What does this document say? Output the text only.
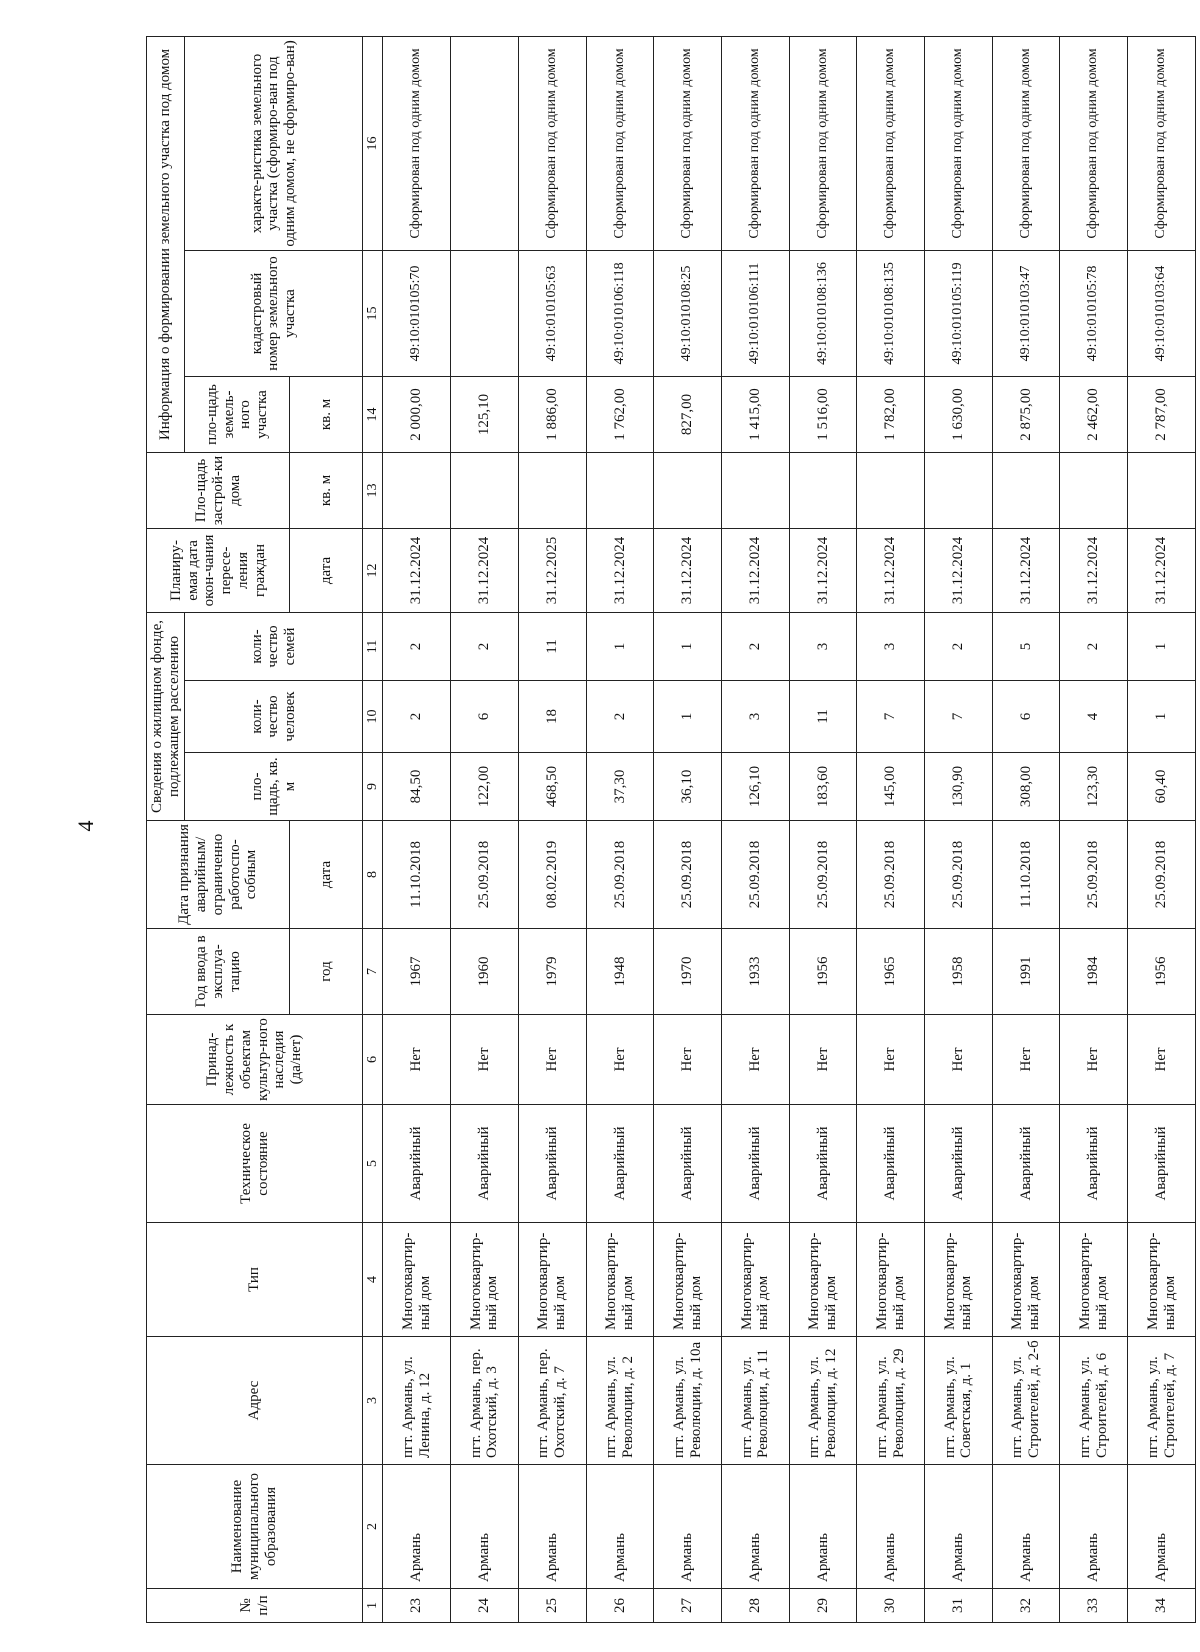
4
№ п/п	Наименование муниципального образования	Адрес	Тип	Техническое состояние	Принад-лежность к объектам культур-ного наследия (да/нет)	Год ввода в эксплуа-тацию	Дата признания аварийным/ ограниченно работоспо-собным	Сведения о жилищном фонде, подлежащем расселению			Планиру-емая дата окон-чания пересе-ления граждан	Пло-щадь застрой-ки дома	Информация о формировании земельного участка под домом		
								пло-щадь, кв. м	коли-чество человек	коли-чество семей			пло-щадь земель-ного участка	кадастровый номер земельного участка	характе-ристика земельного участка (сформиро-ван под одним домом, не сформиро-ван)
						год	дата				дата	кв. м	кв. м		
1	2	3	4	5	6	7	8	9	10	11	12	13	14	15	16
23	Армань	пгт. Армань, ул. Ленина, д. 12	Многоквартир-ный дом	Аварийный	Нет	1967	11.10.2018	84,50	2	2	31.12.2024		2 000,00	49:10:010105:70	Сформирован под одним домом
24	Армань	пгт. Армань, пер. Охотский, д. 3	Многоквартир-ный дом	Аварийный	Нет	1960	25.09.2018	122,00	6	2	31.12.2024		125,10		
25	Армань	пгт. Армань, пер. Охотский, д. 7	Многоквартир-ный дом	Аварийный	Нет	1979	08.02.2019	468,50	18	11	31.12.2025		1 886,00	49:10:010105:63	Сформирован под одним домом
26	Армань	пгт. Армань, ул. Революции, д. 2	Многоквартир-ный дом	Аварийный	Нет	1948	25.09.2018	37,30	2	1	31.12.2024		1 762,00	49:10:010106:118	Сформирован под одним домом
27	Армань	пгт. Армань, ул. Революции, д. 10а	Многоквартир-ный дом	Аварийный	Нет	1970	25.09.2018	36,10	1	1	31.12.2024		827,00	49:10:010108:25	Сформирован под одним домом
28	Армань	пгт. Армань, ул. Революции, д. 11	Многоквартир-ный дом	Аварийный	Нет	1933	25.09.2018	126,10	3	2	31.12.2024		1 415,00	49:10:010106:111	Сформирован под одним домом
29	Армань	пгт. Армань, ул. Революции, д. 12	Многоквартир-ный дом	Аварийный	Нет	1956	25.09.2018	183,60	11	3	31.12.2024		1 516,00	49:10:010108:136	Сформирован под одним домом
30	Армань	пгт. Армань, ул. Революции, д. 29	Многоквартир-ный дом	Аварийный	Нет	1965	25.09.2018	145,00	7	3	31.12.2024		1 782,00	49:10:010108:135	Сформирован под одним домом
31	Армань	пгт. Армань, ул. Советская, д. 1	Многоквартир-ный дом	Аварийный	Нет	1958	25.09.2018	130,90	7	2	31.12.2024		1 630,00	49:10:010105:119	Сформирован под одним домом
32	Армань	пгт. Армань, ул. Строителей, д. 2-б	Многоквартир-ный дом	Аварийный	Нет	1991	11.10.2018	308,00	6	5	31.12.2024		2 875,00	49:10:010103:47	Сформирован под одним домом
33	Армань	пгт. Армань, ул. Строителей, д. 6	Многоквартир-ный дом	Аварийный	Нет	1984	25.09.2018	123,30	4	2	31.12.2024		2 462,00	49:10:010105:78	Сформирован под одним домом
34	Армань	пгт. Армань, ул. Строителей, д. 7	Многоквартир-ный дом	Аварийный	Нет	1956	25.09.2018	60,40	1	1	31.12.2024		2 787,00	49:10:010103:64	Сформирован под одним домом
